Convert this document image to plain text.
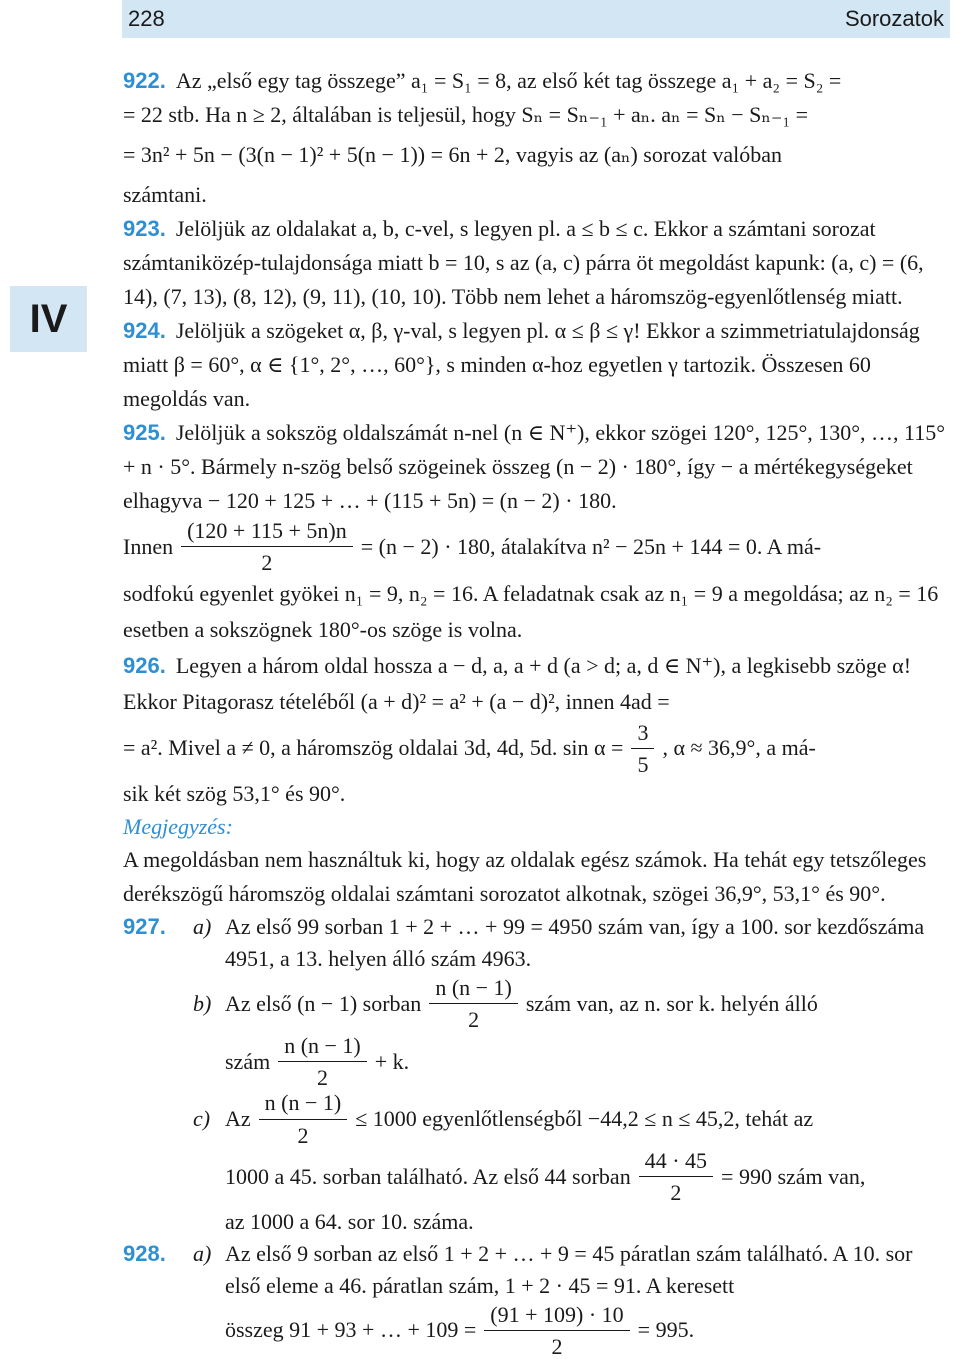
228	Sorozatok
IV

922. Az „első egy tag összege” a₁ = S₁ = 8, az első két tag összege a₁ + a₂ = S₂ =

= 22 stb. Ha n ≥ 2, általában is teljesül, hogy Sₙ = Sₙ₋₁ + aₙ. aₙ = Sₙ − Sₙ₋₁ =

= 3n² + 5n − (3(n − 1)² + 5(n − 1)) = 6n + 2, vagyis az (aₙ) sorozat valóban

számtani.

923. Jelöljük az oldalakat a, b, c-vel, s legyen pl. a ≤ b ≤ c. Ekkor a számtani sorozat számtaniközép-tulajdonsága miatt b = 10, s az (a, c) párra öt megoldást kapunk: (a, c) = (6, 14), (7, 13), (8, 12), (9, 11), (10, 10). Több nem lehet a háromszög-egyenlőtlenség miatt.

924. Jelöljük a szögeket α, β, γ-val, s legyen pl. α ≤ β ≤ γ! Ekkor a szimmetriatulajdonság miatt β = 60°, α ∈ {1°, 2°, …, 60°}, s minden α-hoz egyetlen γ tartozik. Összesen 60 megoldás van.

925. Jelöljük a sokszög oldalszámát n-nel (n ∈ N⁺), ekkor szögei 120°, 125°, 130°, …, 115° + n · 5°. Bármely n-szög belső szögeinek összeg (n − 2) · 180°, így − a mértékegységeket elhagyva − 120 + 125 + … + (115 + 5n) = (n − 2) · 180.

Innen $\frac{(120 + 115 + 5n)n}{2} = (n - 2) \cdot 180$, átalakítva n² − 25n + 144 = 0. A má-

sodfokú egyenlet gyökei n₁ = 9, n₂ = 16. A feladatnak csak az n₁ = 9 a megoldása; az n₂ = 16 esetben a sokszögnek 180°-os szöge is volna.

926. Legyen a három oldal hossza a − d, a, a + d (a > d; a, d ∈ N⁺), a legkisebb szöge α! Ekkor Pitagorasz tételéből (a + d)² = a² + (a − d)², innen 4ad =

= a². Mivel a ≠ 0, a háromszög oldalai 3d, 4d, 5d. $\sin \alpha = \frac{3}{5}$ , α ≈ 36,9°, a má-

sik két szög 53,1° és 90°.

Megjegyzés:

A megoldásban nem használtuk ki, hogy az oldalak egész számok. Ha tehát egy tetszőleges derékszögű háromszög oldalai számtani sorozatot alkotnak, szögei 36,9°, 53,1° és 90°.

927.	a) Az első 99 sorban 1 + 2 + … + 99 = 4950 szám van, így a 100. sor kezdőszáma 4951, a 13. helyen álló szám 4963.
b) Az első (n − 1) sorban $\frac{n (n - 1)}{2}$ szám van, az n. sor k. helyén álló
szám $\frac{n (n - 1)}{2} + k$.
c) Az $\frac{n (n - 1)}{2} \le 1000$ egyenlőtlenségből −44,2 ≤ n ≤ 45,2, tehát az
1000 a 45. sorban található. Az első 44 sorban $\frac{44 \cdot 45}{2} = 990$ szám van,

az 1000 a 64. sor 10. száma.

928.	a) Az első 9 sorban az első 1 + 2 + … + 9 = 45 páratlan szám található. A 10. sor első eleme a 46. páratlan szám, 1 + 2 · 45 = 91. A keresett
összeg 91 + 93 + … + $109 = \frac{(91 + 109) \cdot 10}{2} = 995$.
